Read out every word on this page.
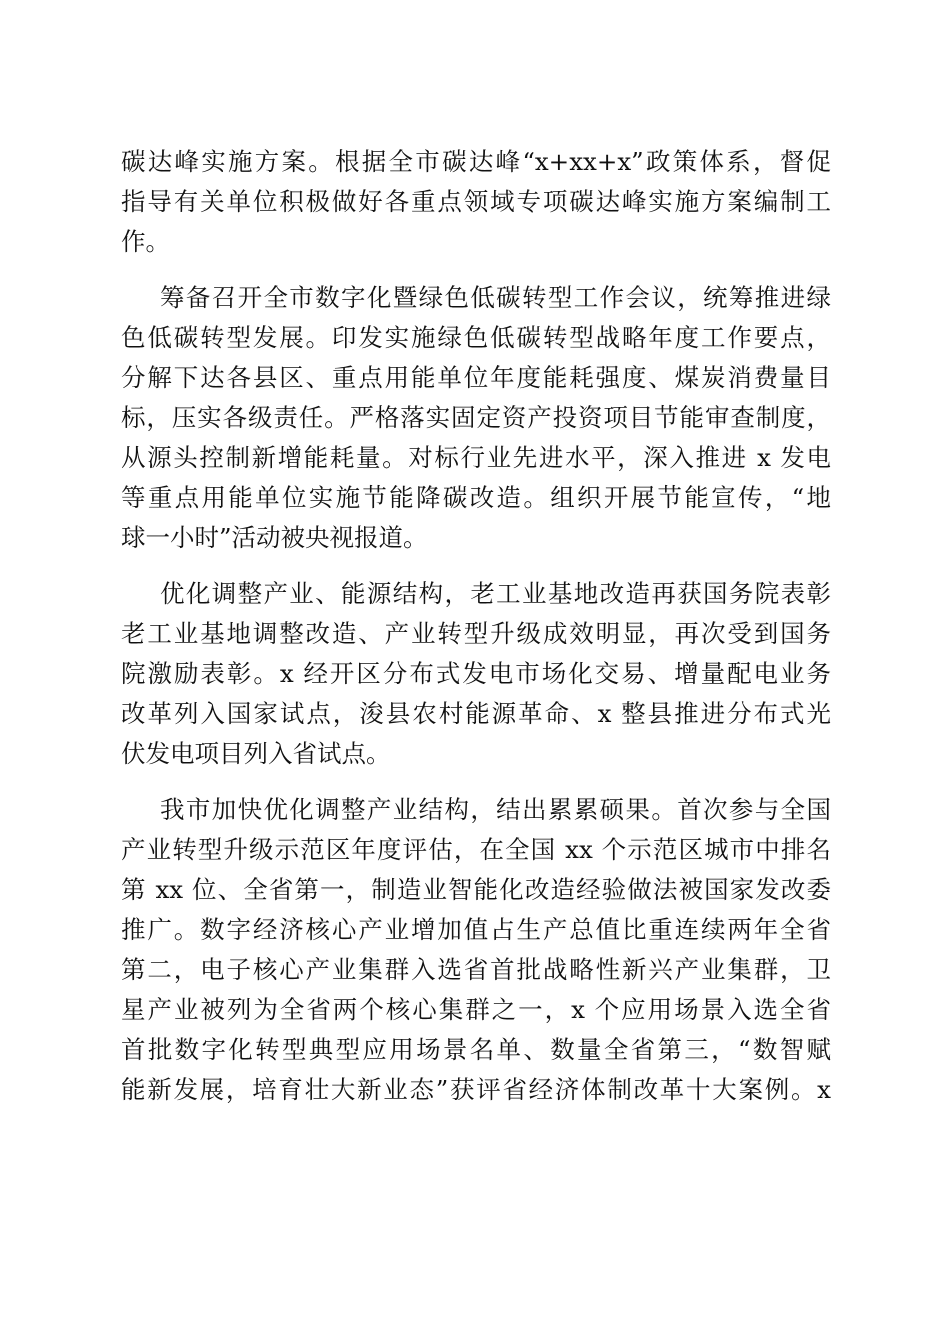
碳达峰实施方案。根据全市碳达峰“x+xx+x”政策体系，督促
指导有关单位积极做好各重点领域专项碳达峰实施方案编制工
作。
筹备召开全市数字化暨绿色低碳转型工作会议，统筹推进绿
色低碳转型发展。印发实施绿色低碳转型战略年度工作要点，
分解下达各县区、重点用能单位年度能耗强度、煤炭消费量目
标，压实各级责任。严格落实固定资产投资项目节能审查制度，
从源头控制新增能耗量。对标行业先进水平，深入推进 x 发电
等重点用能单位实施节能降碳改造。组织开展节能宣传，“地
球一小时”活动被央视报道。
优化调整产业、能源结构，老工业基地改造再获国务院表彰
老工业基地调整改造、产业转型升级成效明显，再次受到国务
院激励表彰。x 经开区分布式发电市场化交易、增量配电业务
改革列入国家试点，浚县农村能源革命、x 整县推进分布式光
伏发电项目列入省试点。
我市加快优化调整产业结构，结出累累硕果。首次参与全国
产业转型升级示范区年度评估，在全国 xx 个示范区城市中排名
第 xx 位、全省第一，制造业智能化改造经验做法被国家发改委
推广。数字经济核心产业增加值占生产总值比重连续两年全省
第二，电子核心产业集群入选省首批战略性新兴产业集群，卫
星产业被列为全省两个核心集群之一，x 个应用场景入选全省
首批数字化转型典型应用场景名单、数量全省第三，“数智赋
能新发展，培育壮大新业态”获评省经济体制改革十大案例。x
